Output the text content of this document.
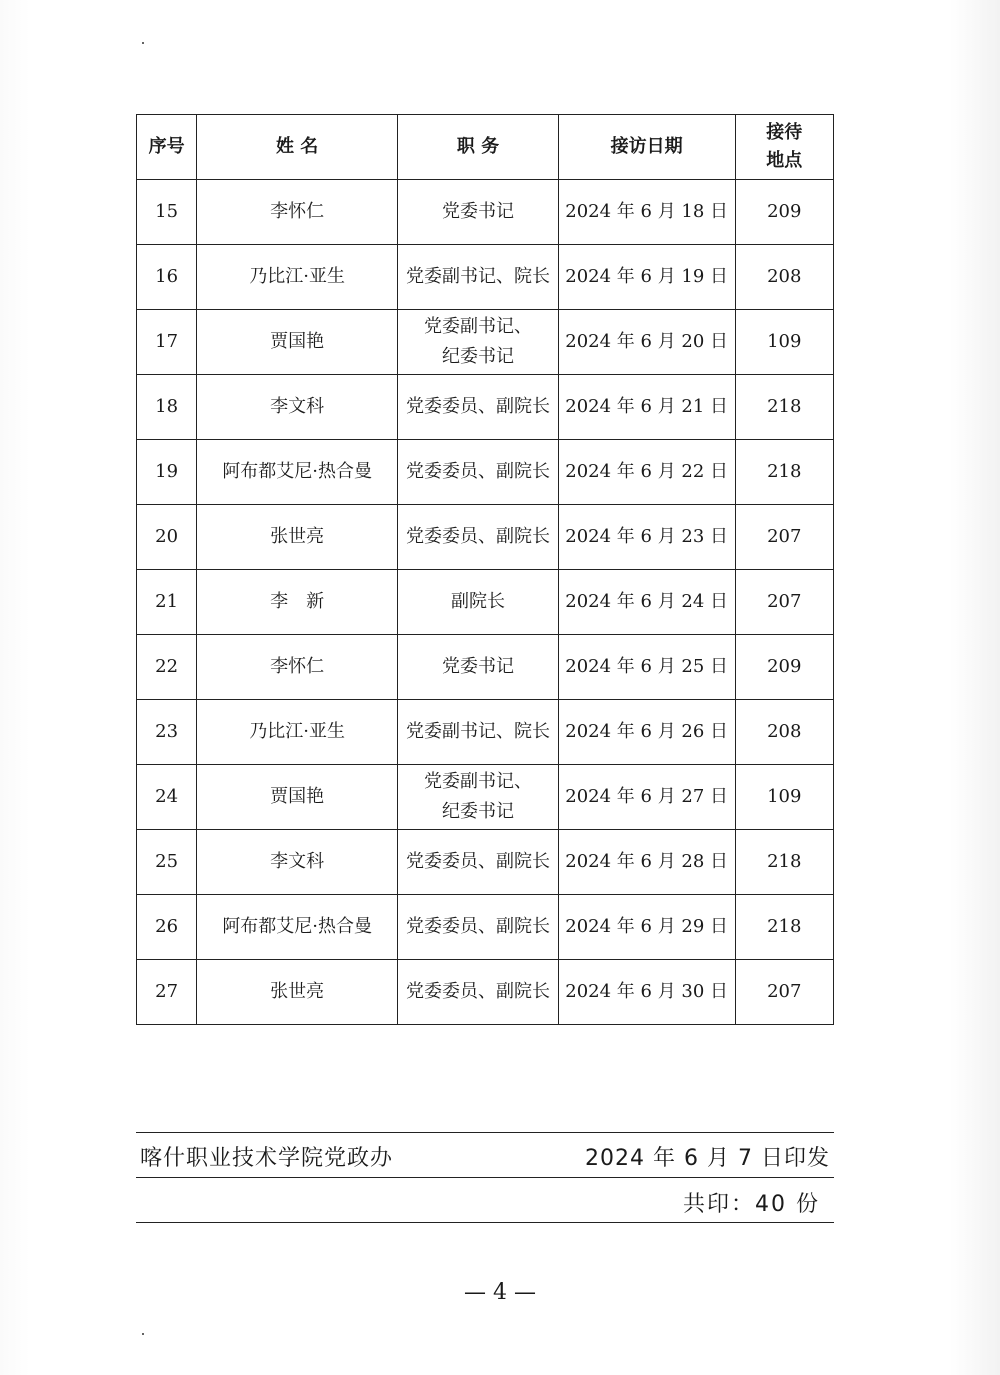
序号	姓 名	职 务	接访日期	接待地点
15	李怀仁	党委书记	2024 年 6 月 18 日	209
16	乃比江·亚生	党委副书记、院长	2024 年 6 月 19 日	208
17	贾国艳	党委副书记、纪委书记	2024 年 6 月 20 日	109
18	李文科	党委委员、副院长	2024 年 6 月 21 日	218
19	阿布都艾尼·热合曼	党委委员、副院长	2024 年 6 月 22 日	218
20	张世亮	党委委员、副院长	2024 年 6 月 23 日	207
21	李　新	副院长	2024 年 6 月 24 日	207
22	李怀仁	党委书记	2024 年 6 月 25 日	209
23	乃比江·亚生	党委副书记、院长	2024 年 6 月 26 日	208
24	贾国艳	党委副书记、纪委书记	2024 年 6 月 27 日	109
25	李文科	党委委员、副院长	2024 年 6 月 28 日	218
26	阿布都艾尼·热合曼	党委委员、副院长	2024 年 6 月 29 日	218
27	张世亮	党委委员、副院长	2024 年 6 月 30 日	207
喀什职业技术学院党政办	2024 年 6 月 7 日印发
共印：40 份
— 4 —
